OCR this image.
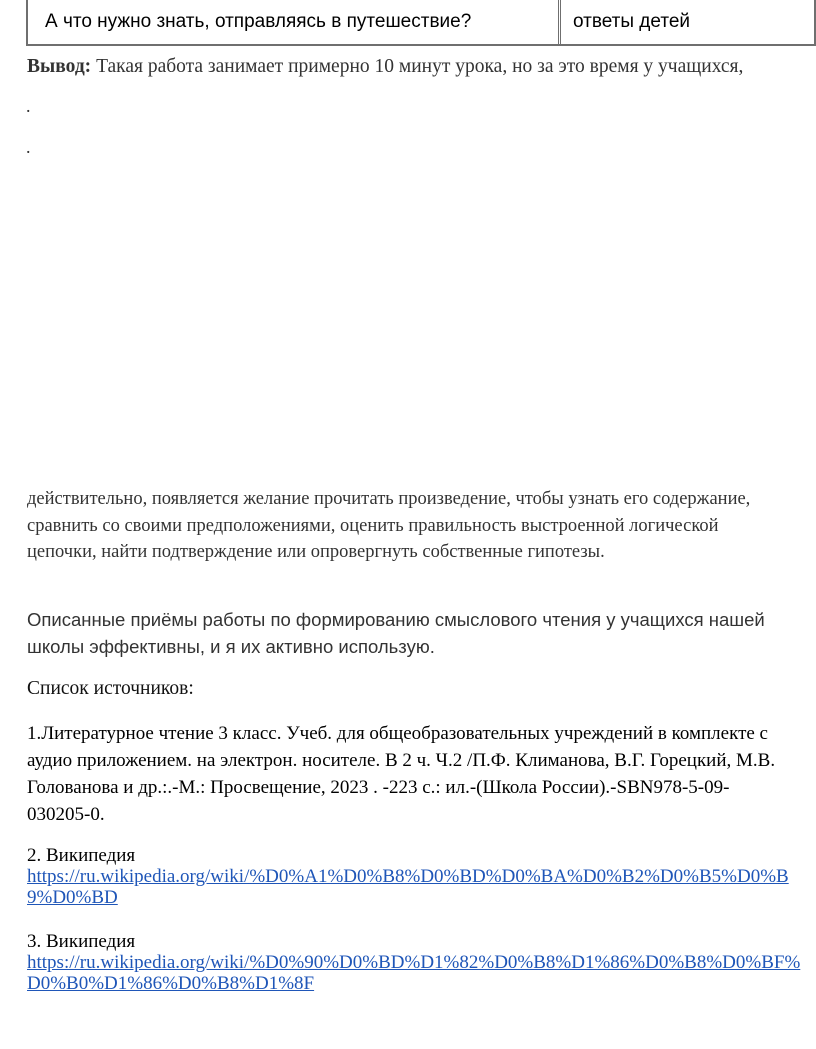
А что нужно знать, отправляясь в путешествие?	ответы детей
Вывод: Такая работа занимает примерно 10 минут урока, но за это время у учащихся,
.
.
действительно, появляется желание прочитать произведение, чтобы узнать его содержание, сравнить со своими предположениями, оценить правильность выстроенной логической цепочки, найти подтверждение или опровергнуть собственные гипотезы.
Описанные приёмы работы по формированию смыслового чтения у учащихся нашей школы эффективны, и я их активно использую.
Список источников:
1.Литературное чтение 3 класс. Учеб. для общеобразовательных учреждений в комплекте с аудио приложением. на электрон. носителе. В 2 ч. Ч.2 /П.Ф. Климанова, В.Г. Горецкий, М.В. Голованова и др.:.-М.: Просвещение, 2023 . -223 с.: ил.-(Школа России).-SBN978-5-09-030205-0.
2. Википедия
https://ru.wikipedia.org/wiki/%D0%A1%D0%B8%D0%BD%D0%BA%D0%B2%D0%B5%D0%B9%D0%BD
3. Википедия
https://ru.wikipedia.org/wiki/%D0%90%D0%BD%D1%82%D0%B8%D1%86%D0%B8%D0%BF%D0%B0%D1%86%D0%B8%D1%8F
